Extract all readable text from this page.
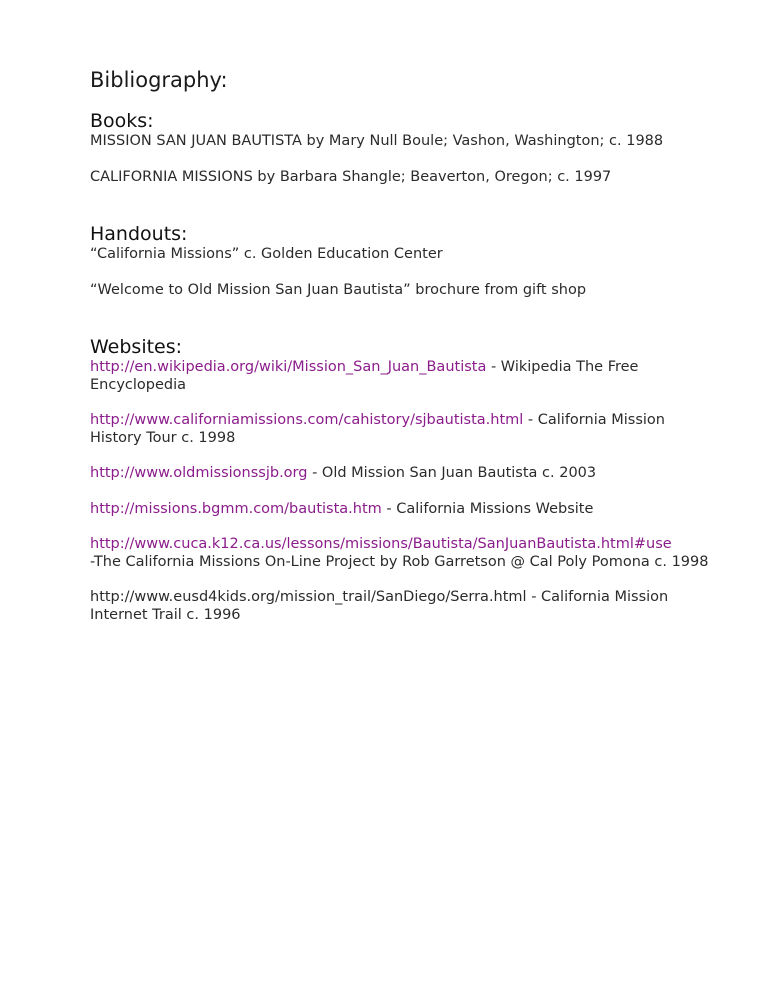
Bibliography:
Books:

MISSION SAN JUAN BAUTISTA by Mary Null Boule; Vashon, Washington; c. 1988

CALIFORNIA MISSIONS by Barbara Shangle; Beaverton, Oregon; c. 1997

Handouts:

“California Missions” c. Golden Education Center

“Welcome to Old Mission San Juan Bautista” brochure from gift shop

Websites:

http://en.wikipedia.org/wiki/Mission_San_Juan_Bautista - Wikipedia The Free Encyclopedia

http://www.californiamissions.com/cahistory/sjbautista.html - California Mission History Tour c. 1998

http://www.oldmissionssjb.org - Old Mission San Juan Bautista c. 2003

http://missions.bgmm.com/bautista.htm - California Missions Website

http://www.cuca.k12.ca.us/lessons/missions/Bautista/SanJuanBautista.html#use
-The California Missions On-Line Project by Rob Garretson @ Cal Poly Pomona c. 1998

http://www.eusd4kids.org/mission_trail/SanDiego/Serra.html - California Mission Internet Trail c. 1996
